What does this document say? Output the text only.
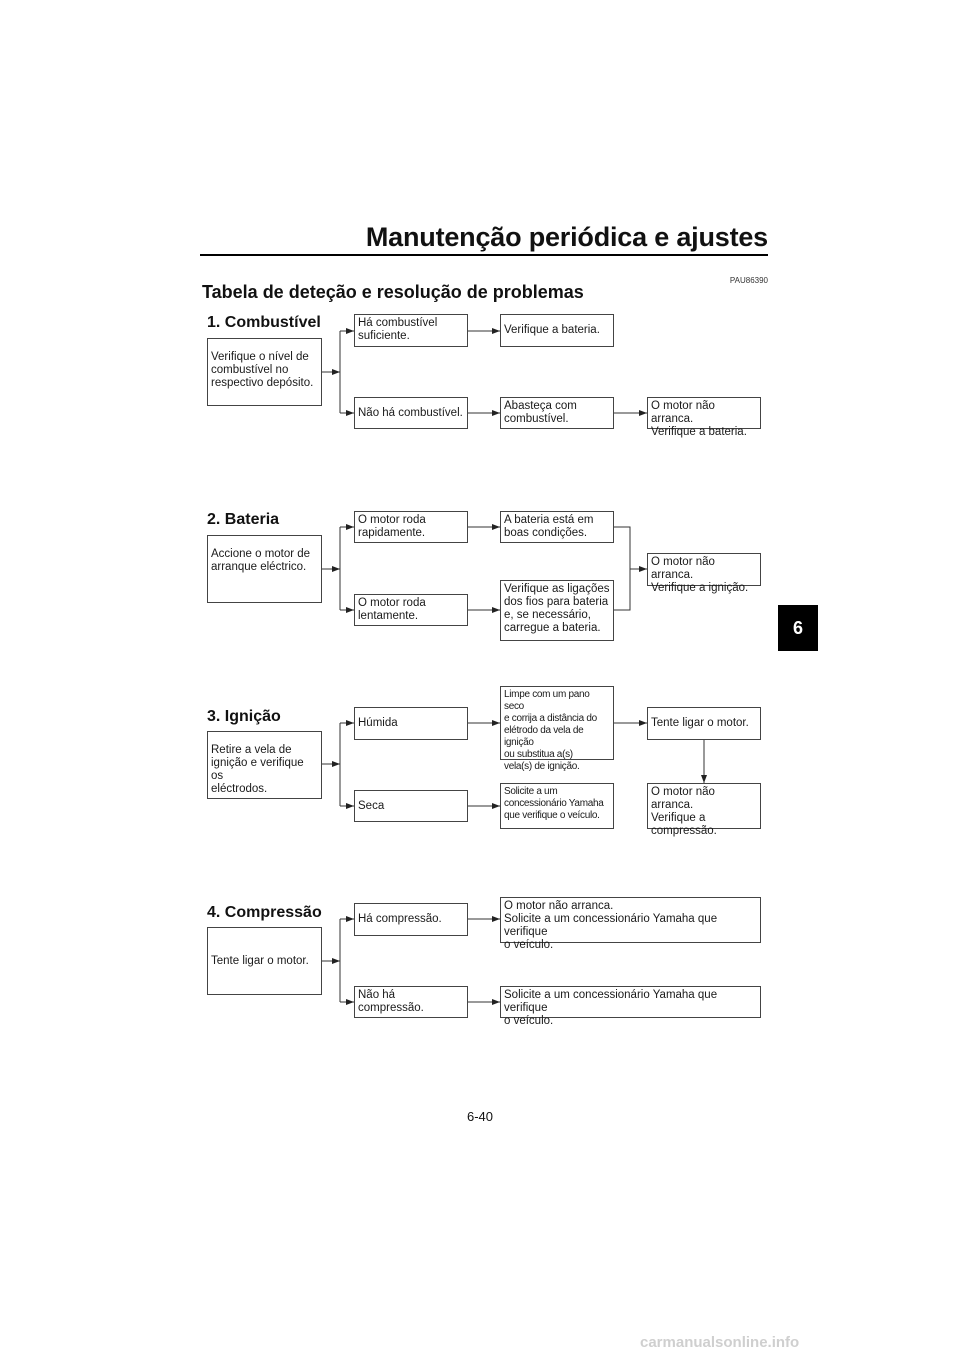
Manutenção periódica e ajustes
PAU86390
Tabela de deteção e resolução de problemas
6
1. Combustível
Verifique o nível de
combustível no
respectivo depósito.
Há combustível
suficiente.	Verifique a bateria.
Não há combustível.
Abasteça com
combustível.
O motor não arranca.
Verifique a bateria.
2. Bateria
Accione o motor de
arranque eléctrico.
O motor roda
rapidamente.
A bateria está em
boas condições.
O motor roda
lentamente.
Verifique as ligações
dos fios para bateria
e, se necessário,
carregue a bateria.
O motor não arranca.
Verifique a ignição.
3. Ignição
Retire a vela de
ignição e verifique os
eléctrodos.
Húmida
Limpe com um pano seco
e corrija a distância do
elétrodo da vela de ignição
ou substitua a(s)
vela(s) de ignição.
Tente ligar o motor.
O motor não arranca.
Verifique a
compressão.
Seca
Solicite a um
concessionário Yamaha
que verifique o veículo.
4. Compressão
Tente ligar o motor.
Há compressão.
O motor não arranca.
Solicite a um concessionário Yamaha que verifique
o veículo.
Não há compressão.
Solicite a um concessionário Yamaha que verifique
o veículo.
6-40
carmanualsonline.info
